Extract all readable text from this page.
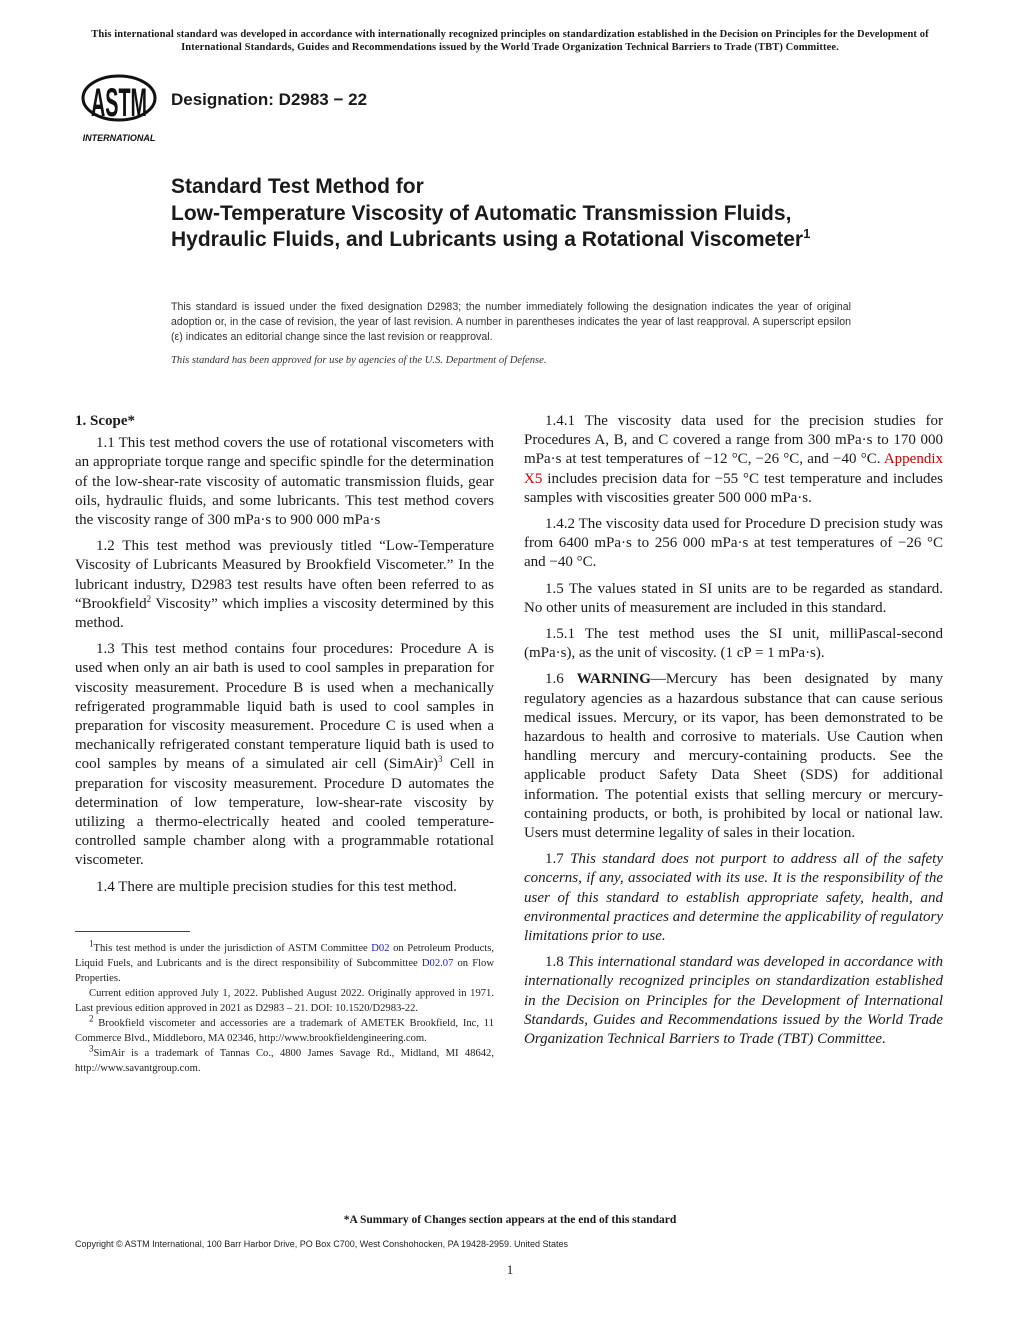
This international standard was developed in accordance with internationally recognized principles on standardization established in the Decision on Principles for the Development of International Standards, Guides and Recommendations issued by the World Trade Organization Technical Barriers to Trade (TBT) Committee.
ASTM
INTERNATIONAL
Designation: D2983 − 22
Standard Test Method for
Low-Temperature Viscosity of Automatic Transmission Fluids, Hydraulic Fluids, and Lubricants using a Rotational Viscometer$^1$
This standard is issued under the fixed designation D2983; the number immediately following the designation indicates the year of original adoption or, in the case of revision, the year of last revision. A number in parentheses indicates the year of last reapproval. A superscript epsilon (ε) indicates an editorial change since the last revision or reapproval.
This standard has been approved for use by agencies of the U.S. Department of Defense.
1. Scope*

1.1 This test method covers the use of rotational viscometers with an appropriate torque range and specific spindle for the determination of the low-shear-rate viscosity of automatic transmission fluids, gear oils, hydraulic fluids, and some lubricants. This test method covers the viscosity range of 300 mPa·s to 900 000 mPa·s

1.2 This test method was previously titled “Low-Temperature Viscosity of Lubricants Measured by Brookfield Viscometer.” In the lubricant industry, D2983 test results have often been referred to as “Brookfield$^2$ Viscosity” which implies a viscosity determined by this method.

1.3 This test method contains four procedures: Procedure A is used when only an air bath is used to cool samples in preparation for viscosity measurement. Procedure B is used when a mechanically refrigerated programmable liquid bath is used to cool samples in preparation for viscosity measurement. Procedure C is used when a mechanically refrigerated constant temperature liquid bath is used to cool samples by means of a simulated air cell (SimAir)$^3$ Cell in preparation for viscosity measurement. Procedure D automates the determination of low temperature, low-shear-rate viscosity by utilizing a thermo-electrically heated and cooled temperature-controlled sample chamber along with a programmable rotational viscometer.

1.4 There are multiple precision studies for this test method.

1.4.1 The viscosity data used for the precision studies for Procedures A, B, and C covered a range from 300 mPa·s to 170 000 mPa·s at test temperatures of −12 °C, −26 °C, and −40 °C. Appendix X5 includes precision data for −55 °C test temperature and includes samples with viscosities greater 500 000 mPa·s.

1.4.2 The viscosity data used for Procedure D precision study was from 6400 mPa·s to 256 000 mPa·s at test temperatures of −26 °C and −40 °C.

1.5 The values stated in SI units are to be regarded as standard. No other units of measurement are included in this standard.

1.5.1 The test method uses the SI unit, milliPascal-second (mPa·s), as the unit of viscosity. (1 cP = 1 mPa·s).

1.6 WARNING—Mercury has been designated by many regulatory agencies as a hazardous substance that can cause serious medical issues. Mercury, or its vapor, has been demonstrated to be hazardous to health and corrosive to materials. Use Caution when handling mercury and mercury-containing products. See the applicable product Safety Data Sheet (SDS) for additional information. The potential exists that selling mercury or mercury-containing products, or both, is prohibited by local or national law. Users must determine legality of sales in their location.

1.7 This standard does not purport to address all of the safety concerns, if any, associated with its use. It is the responsibility of the user of this standard to establish appropriate safety, health, and environmental practices and determine the applicability of regulatory limitations prior to use.

1.8 This international standard was developed in accordance with internationally recognized principles on standardization established in the Decision on Principles for the Development of International Standards, Guides and Recommendations issued by the World Trade Organization Technical Barriers to Trade (TBT) Committee.

$^1$This test method is under the jurisdiction of ASTM Committee D02 on Petroleum Products, Liquid Fuels, and Lubricants and is the direct responsibility of Subcommittee D02.07 on Flow Properties.

Current edition approved July 1, 2022. Published August 2022. Originally approved in 1971. Last previous edition approved in 2021 as D2983 – 21. DOI: 10.1520/D2983-22.

$^2$ Brookfield viscometer and accessories are a trademark of AMETEK Brookfield, Inc, 11 Commerce Blvd., Middleboro, MA 02346, http://www.brookfieldengineering.com.

$^3$SimAir is a trademark of Tannas Co., 4800 James Savage Rd., Midland, MI 48642, http://www.savantgroup.com.

*A Summary of Changes section appears at the end of this standard
Copyright © ASTM International, 100 Barr Harbor Drive, PO Box C700, West Conshohocken, PA 19428-2959. United States
1
